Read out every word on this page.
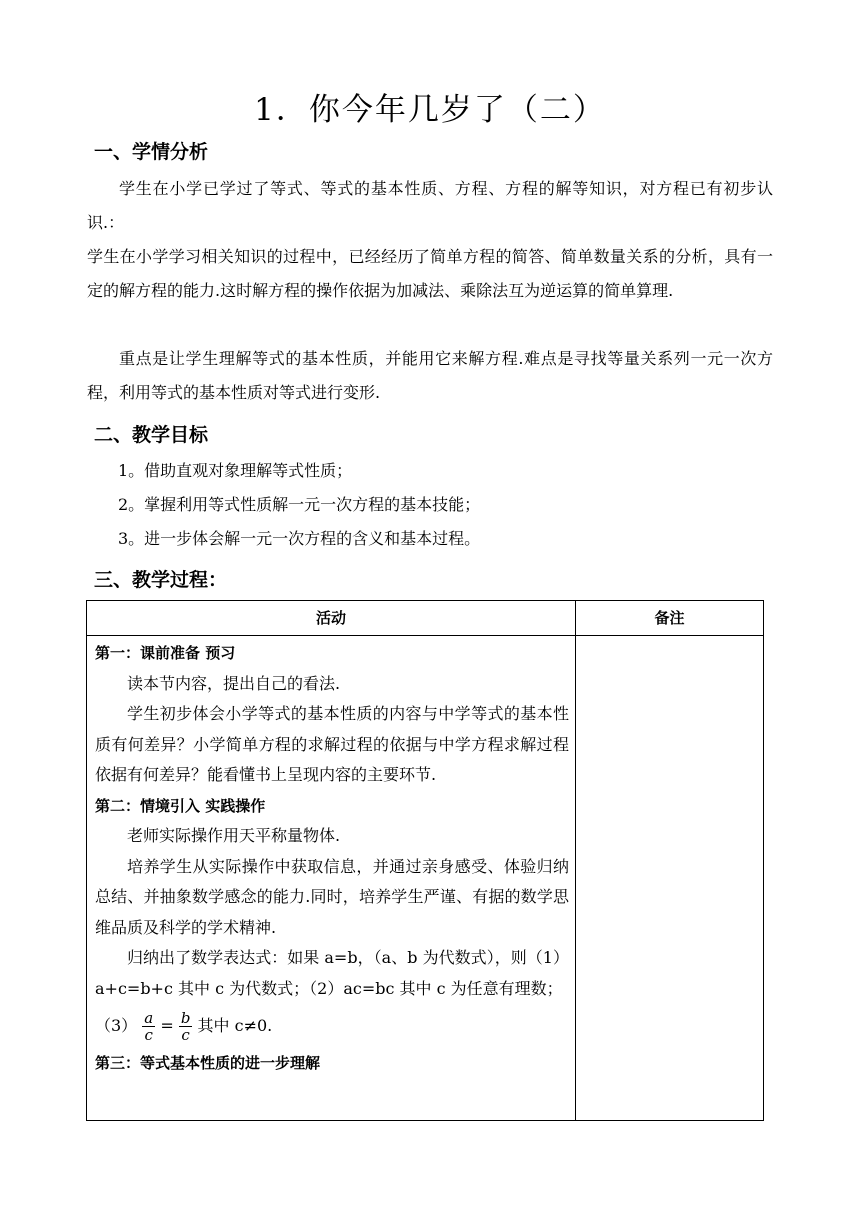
1．你今年几岁了（二）
一、学情分析
学生在小学已学过了等式、等式的基本性质、方程、方程的解等知识，对方程已有初步认识.：
学生在小学学习相关知识的过程中，已经经历了简单方程的简答、简单数量关系的分析，具有一定的解方程的能力.这时解方程的操作依据为加减法、乘除法互为逆运算的简单算理.
重点是让学生理解等式的基本性质，并能用它来解方程.难点是寻找等量关系列一元一次方程，利用等式的基本性质对等式进行变形.
二、教学目标
1。借助直观对象理解等式性质；
2。掌握利用等式性质解一元一次方程的基本技能；
3。进一步体会解一元一次方程的含义和基本过程。
三、教学过程：
活动	备注
第一：课前准备 预习
读本节内容，提出自己的看法.
学生初步体会小学等式的基本性质的内容与中学等式的基本性质有何差异？小学简单方程的求解过程的依据与中学方程求解过程依据有何差异？能看懂书上呈现内容的主要环节.
第二：情境引入 实践操作
老师实际操作用天平称量物体.
培养学生从实际操作中获取信息，并通过亲身感受、体验归纳总结、并抽象数学感念的能力.同时，培养学生严谨、有据的数学思维品质及科学的学术精神.
归纳出了数学表达式：如果 a=b，（a、b 为代数式），则（1）a+c=b+c 其中 c 为代数式；（2）ac=bc 其中 c 为任意有理数；
$(3) \frac{a}{c} = \frac{b}{c}$ 其中 c≠0.
第三：等式基本性质的进一步理解
